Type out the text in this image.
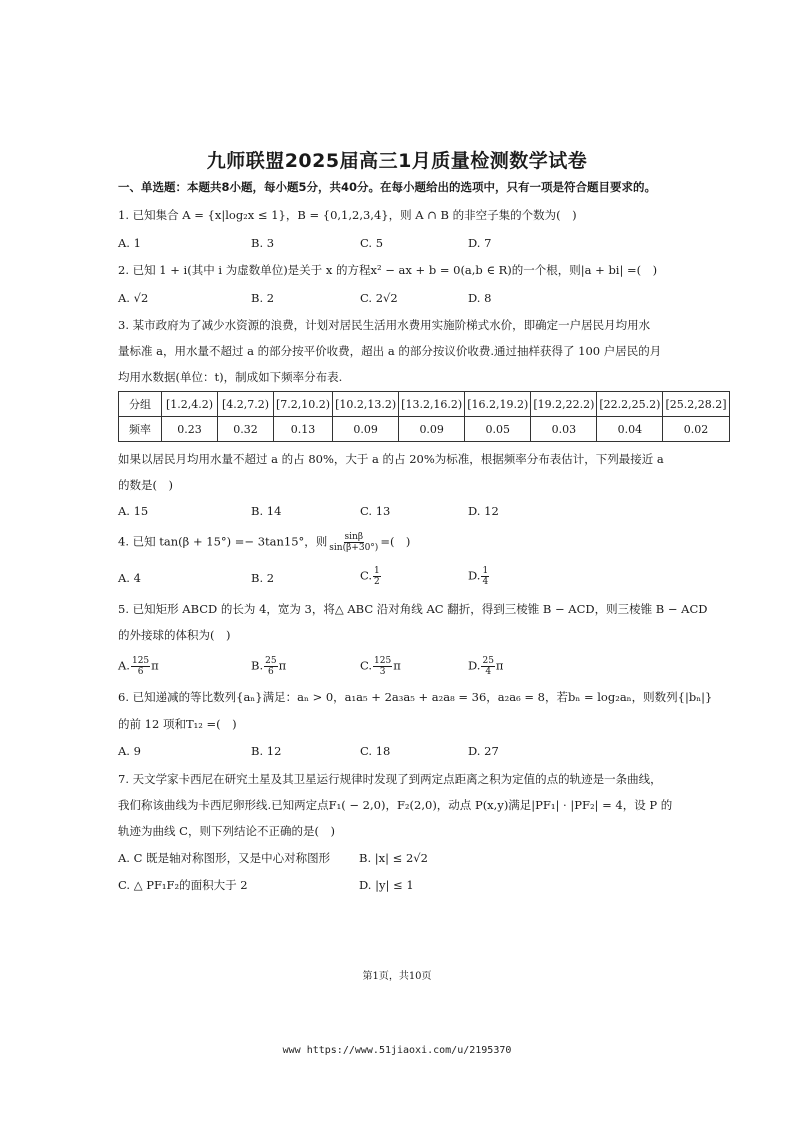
九师联盟2025届高三1月质量检测数学试卷
一、单选题：本题共8小题，每小题5分，共40分。在每小题给出的选项中，只有一项是符合题目要求的。
1. 已知集合 A = {x|log₂x ≤ 1}，B = {0,1,2,3,4}，则 A ∩ B 的非空子集的个数为(　)
A. 1	B. 3	C. 5	D. 7
2. 已知 1 + i(其中 i 为虚数单位)是关于 x 的方程x² − ax + b = 0(a,b ∈ R)的一个根，则|a + bi| =(　)
A. √2	B. 2	C. 2√2	D. 8
3. 某市政府为了减少水资源的浪费，计划对居民生活用水费用实施阶梯式水价，即确定一户居民月均用水
量标准 a，用水量不超过 a 的部分按平价收费，超出 a 的部分按议价收费.通过抽样获得了 100 户居民的月
均用水数据(单位：t)，制成如下频率分布表.
分组	[1.2,4.2)	[4.2,7.2)	[7.2,10.2)	[10.2,13.2)	[13.2,16.2)	[16.2,19.2)	[19.2,22.2)	[22.2,25.2)	[25.2,28.2]
频率	0.23	0.32	0.13	0.09	0.09	0.05	0.03	0.04	0.02
如果以居民月均用水量不超过 a 的占 80%，大于 a 的占 20%为标准，根据频率分布表估计，下列最接近 a
的数是(　)
A. 15	B. 14	C. 13	D. 12
4. 已知 tan(β + 15°) =− 3tan15°，则 $\frac{\sin\beta}{\sin(\beta+30^\circ)}$ =(　)
A. 4	B. 2	C. $\frac{1}{2}$	D. $\frac{1}{4}$
5. 已知矩形 ABCD 的长为 4，宽为 3，将△ ABC 沿对角线 AC 翻折，得到三棱锥 B − ACD，则三棱锥 B − ACD
的外接球的体积为(　)
A. $\frac{125}{6}$ π	B. $\frac{25}{6}$ π	C. $\frac{125}{3}$ π	D. $\frac{25}{4}$ π
6. 已知递减的等比数列{aₙ}满足：aₙ > 0，a₁a₅ + 2a₃a₅ + a₂a₈ = 36，a₂a₆ = 8，若bₙ = log₂aₙ，则数列{|bₙ|}
的前 12 项和T₁₂ =(　)
A. 9	B. 12	C. 18	D. 27
7. 天文学家卡西尼在研究土星及其卫星运行规律时发现了到两定点距离之积为定值的点的轨迹是一条曲线，
我们称该曲线为卡西尼卵形线.已知两定点F₁( − 2,0)，F₂(2,0)，动点 P(x,y)满足|PF₁| · |PF₂| = 4，设 P 的
轨迹为曲线 C，则下列结论不正确的是(　)
A. C 既是轴对称图形，又是中心对称图形	B. |x| ≤ 2√2
C. △ PF₁F₂的面积大于 2	D. |y| ≤ 1
第1页，共10页
www https://www.51jiaoxi.com/u/2195370
